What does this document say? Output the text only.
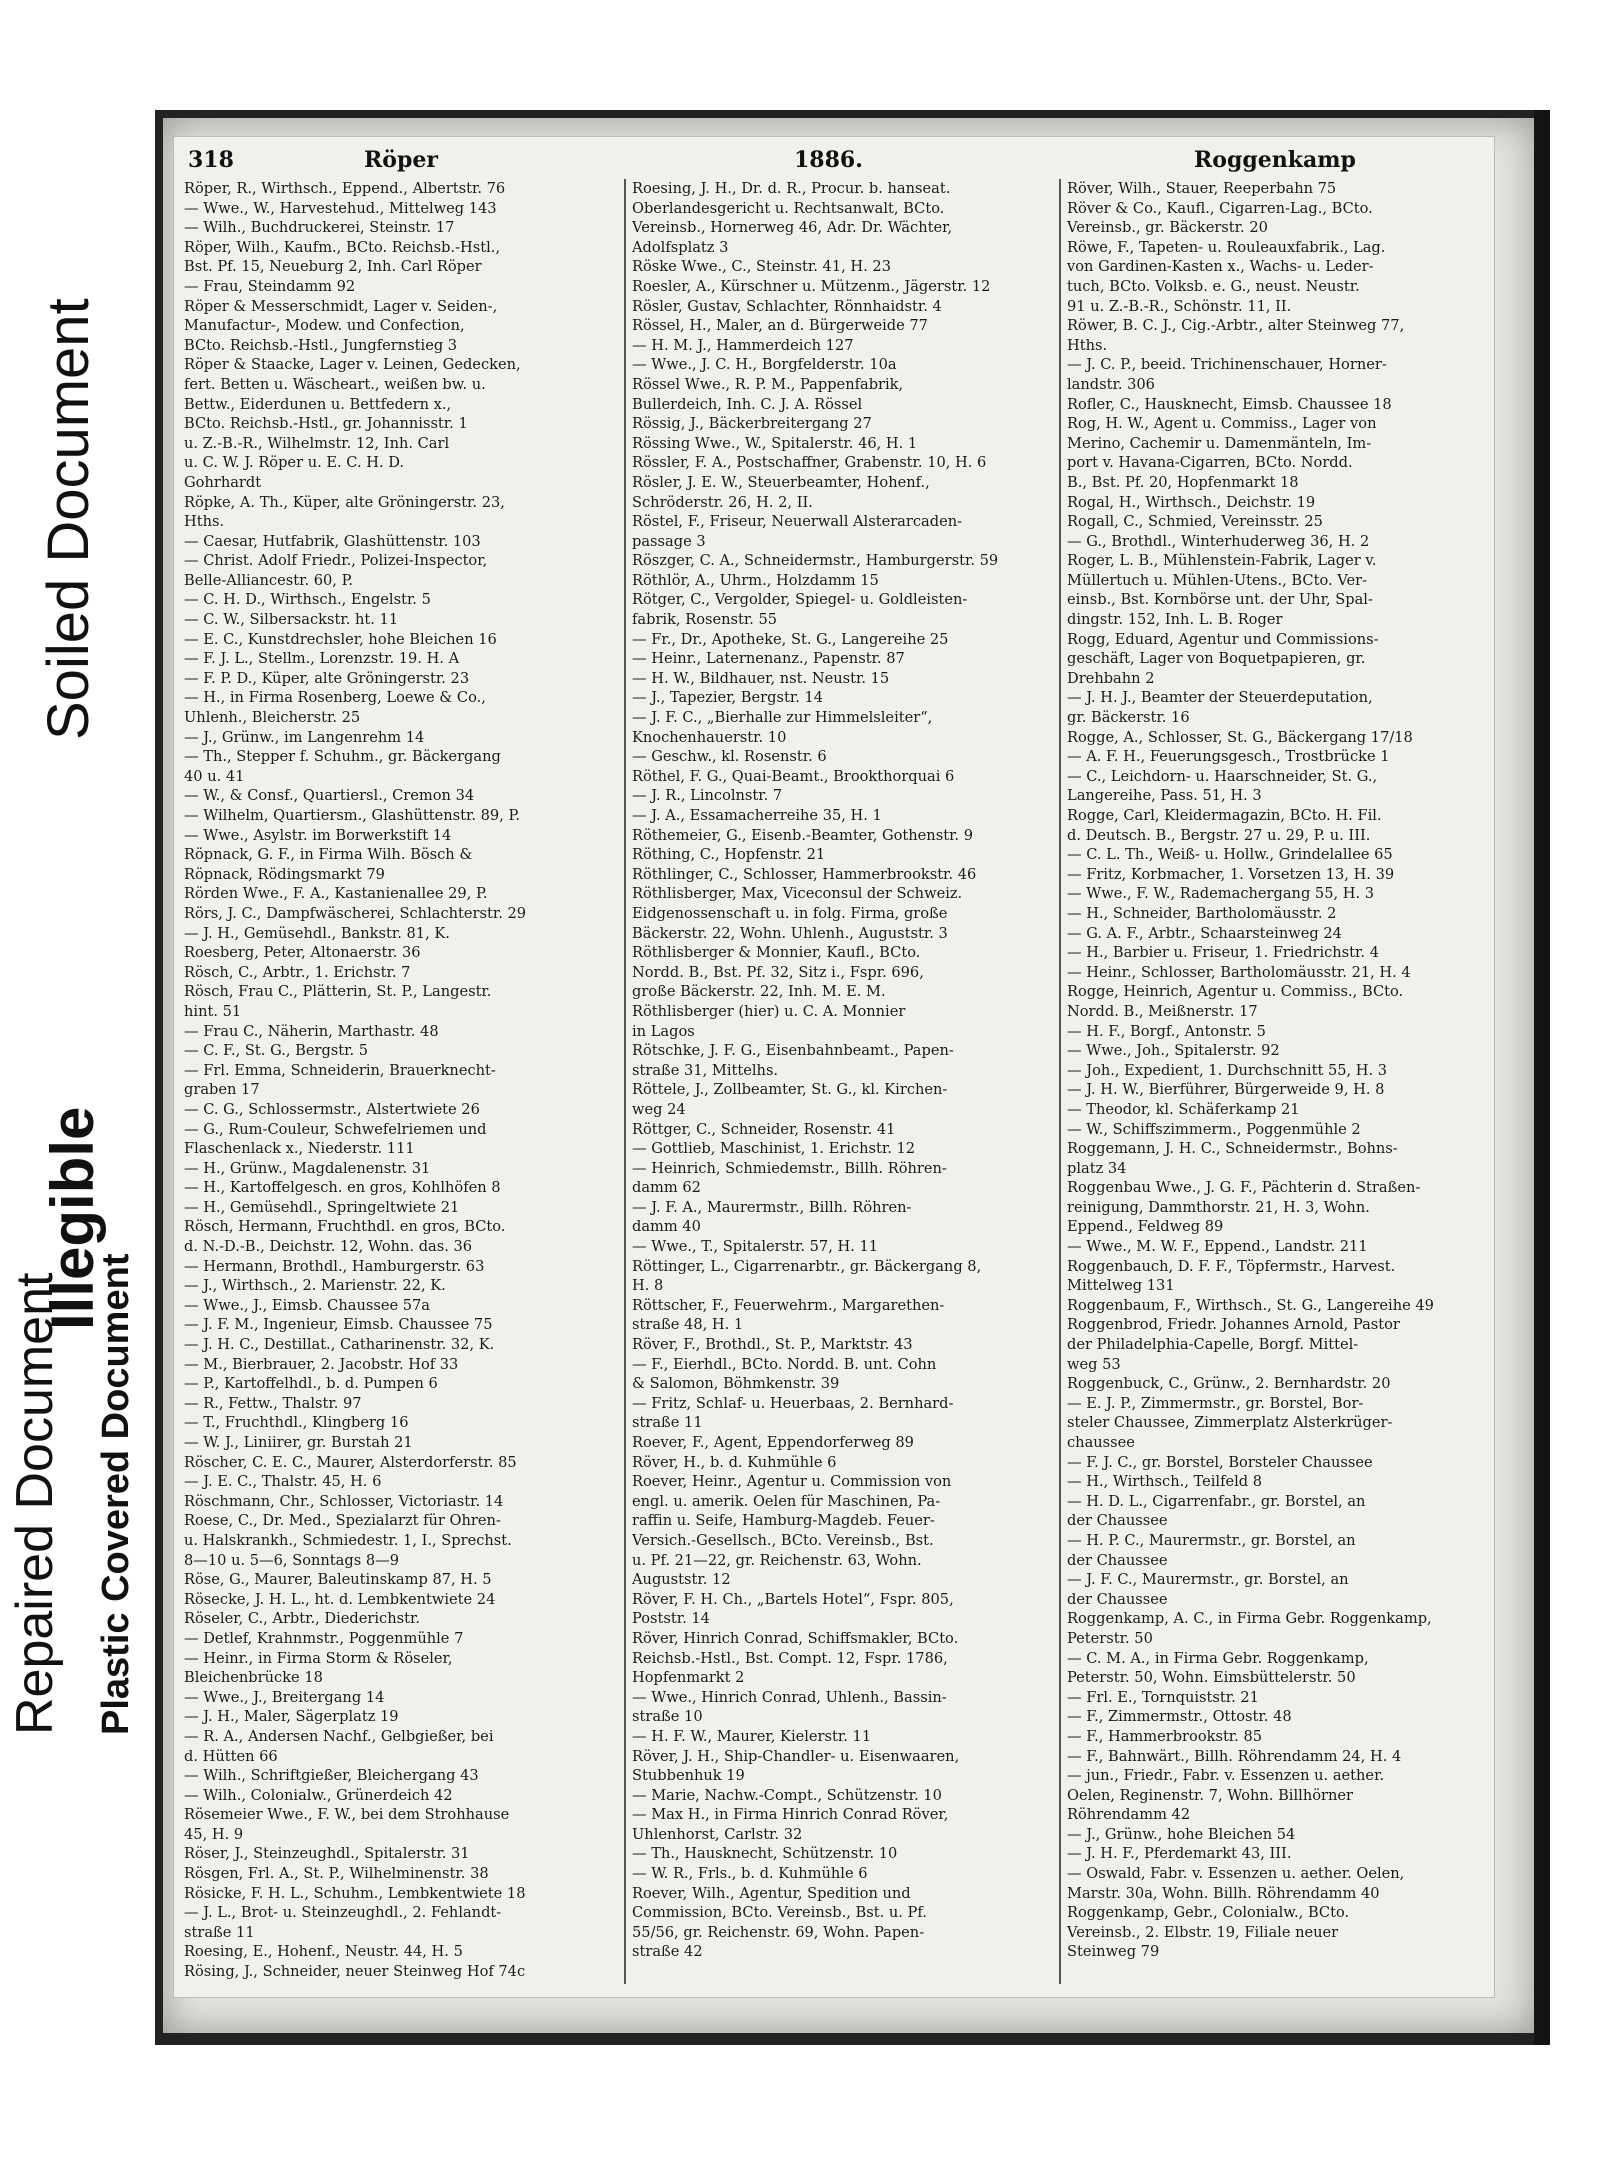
Soiled Document
Illegible
Repaired Document Plastic Covered Document
318	Röper	1886.	Roggenkamp
Röper, R., Wirthsch., Eppend., Albertstr. 76
— Wwe., W., Harvestehud., Mittelweg 143
— Wilh., Buchdruckerei, Steinstr. 17
Röper, Wilh., Kaufm., BCto. Reichsb.-Hstl.,
Bst. Pf. 15, Neueburg 2, Inh. Carl Röper
— Frau, Steindamm 92
Röper & Messerschmidt, Lager v. Seiden-,
Manufactur-, Modew. und Confection,
BCto. Reichsb.-Hstl., Jungfernstieg 3
Röper & Staacke, Lager v. Leinen, Gedecken,
fert. Betten u. Wäscheart., weißen bw. u.
Bettw., Eiderdunen u. Bettfedern x.,
BCto. Reichsb.-Hstl., gr. Johannisstr. 1
u. Z.-B.-R., Wilhelmstr. 12, Inh. Carl
u. C. W. J. Röper u. E. C. H. D.
Gohrhardt
Röpke, A. Th., Küper, alte Gröningerstr. 23,
Hths.
— Caesar, Hutfabrik, Glashüttenstr. 103
— Christ. Adolf Friedr., Polizei-Inspector,
Belle-Alliancestr. 60, P.
— C. H. D., Wirthsch., Engelstr. 5
— C. W., Silbersackstr. ht. 11
— E. C., Kunstdrechsler, hohe Bleichen 16
— F. J. L., Stellm., Lorenzstr. 19. H. A
— F. P. D., Küper, alte Gröningerstr. 23
— H., in Firma Rosenberg, Loewe & Co.,
Uhlenh., Bleicherstr. 25
— J., Grünw., im Langenrehm 14
— Th., Stepper f. Schuhm., gr. Bäckergang
40 u. 41
— W., & Consf., Quartiersl., Cremon 34
— Wilhelm, Quartiersm., Glashüttenstr. 89, P.
— Wwe., Asylstr. im Borwerkstift 14
Röpnack, G. F., in Firma Wilh. Bösch &
Röpnack, Rödingsmarkt 79
Rörden Wwe., F. A., Kastanienallee 29, P.
Rörs, J. C., Dampfwäscherei, Schlachterstr. 29
— J. H., Gemüsehdl., Bankstr. 81, K.
Roesberg, Peter, Altonaerstr. 36
Rösch, C., Arbtr., 1. Erichstr. 7
Rösch, Frau C., Plätterin, St. P., Langestr.
hint. 51
— Frau C., Näherin, Marthastr. 48
— C. F., St. G., Bergstr. 5
— Frl. Emma, Schneiderin, Brauerknecht-
graben 17
— C. G., Schlossermstr., Alstertwiete 26
— G., Rum-Couleur, Schwefelriemen und
Flaschenlack x., Niederstr. 111
— H., Grünw., Magdalenenstr. 31
— H., Kartoffelgesch. en gros, Kohlhöfen 8
— H., Gemüsehdl., Springeltwiete 21
Rösch, Hermann, Fruchthdl. en gros, BCto.
d. N.-D.-B., Deichstr. 12, Wohn. das. 36
— Hermann, Brothdl., Hamburgerstr. 63
— J., Wirthsch., 2. Marienstr. 22, K.
— Wwe., J., Eimsb. Chaussee 57a
— J. F. M., Ingenieur, Eimsb. Chaussee 75
— J. H. C., Destillat., Catharinenstr. 32, K.
— M., Bierbrauer, 2. Jacobstr. Hof 33
— P., Kartoffelhdl., b. d. Pumpen 6
— R., Fettw., Thalstr. 97
— T., Fruchthdl., Klingberg 16
— W. J., Liniirer, gr. Burstah 21
Röscher, C. E. C., Maurer, Alsterdorferstr. 85
— J. E. C., Thalstr. 45, H. 6
Röschmann, Chr., Schlosser, Victoriastr. 14
Roese, C., Dr. Med., Spezialarzt für Ohren-
u. Halskrankh., Schmiedestr. 1, I., Sprechst.
8—10 u. 5—6, Sonntags 8—9
Röse, G., Maurer, Baleutinskamp 87, H. 5
Rösecke, J. H. L., ht. d. Lembkentwiete 24
Röseler, C., Arbtr., Diederichstr.
— Detlef, Krahnmstr., Poggenmühle 7
— Heinr., in Firma Storm & Röseler,
Bleichenbrücke 18
— Wwe., J., Breitergang 14
— J. H., Maler, Sägerplatz 19
— R. A., Andersen Nachf., Gelbgießer, bei
d. Hütten 66
— Wilh., Schriftgießer, Bleichergang 43
— Wilh., Colonialw., Grünerdeich 42
Rösemeier Wwe., F. W., bei dem Strohhause
45, H. 9
Röser, J., Steinzeughdl., Spitalerstr. 31
Rösgen, Frl. A., St. P., Wilhelminenstr. 38
Rösicke, F. H. L., Schuhm., Lembkentwiete 18
— J. L., Brot- u. Steinzeughdl., 2. Fehlandt-
straße 11
Roesing, E., Hohenf., Neustr. 44, H. 5
Rösing, J., Schneider, neuer Steinweg Hof 74c
Roesing, J. H., Dr. d. R., Procur. b. hanseat.
Oberlandesgericht u. Rechtsanwalt, BCto.
Vereinsb., Hornerweg 46, Adr. Dr. Wächter,
Adolfsplatz 3
Röske Wwe., C., Steinstr. 41, H. 23
Roesler, A., Kürschner u. Mützenm., Jägerstr. 12
Rösler, Gustav, Schlachter, Rönnhaidstr. 4
Rössel, H., Maler, an d. Bürgerweide 77
— H. M. J., Hammerdeich 127
— Wwe., J. C. H., Borgfelderstr. 10a
Rössel Wwe., R. P. M., Pappenfabrik,
Bullerdeich, Inh. C. J. A. Rössel
Rössig, J., Bäckerbreitergang 27
Rössing Wwe., W., Spitalerstr. 46, H. 1
Rössler, F. A., Postschaffner, Grabenstr. 10, H. 6
Rösler, J. E. W., Steuerbeamter, Hohenf.,
Schröderstr. 26, H. 2, II.
Röstel, F., Friseur, Neuerwall Alsterarcaden-
passage 3
Röszger, C. A., Schneidermstr., Hamburgerstr. 59
Röthlör, A., Uhrm., Holzdamm 15
Rötger, C., Vergolder, Spiegel- u. Goldleisten-
fabrik, Rosenstr. 55
— Fr., Dr., Apotheke, St. G., Langereihe 25
— Heinr., Laternenanz., Papenstr. 87
— H. W., Bildhauer, nst. Neustr. 15
— J., Tapezier, Bergstr. 14
— J. F. C., „Bierhalle zur Himmelsleiter“,
Knochenhauerstr. 10
— Geschw., kl. Rosenstr. 6
Röthel, F. G., Quai-Beamt., Brookthorquai 6
— J. R., Lincolnstr. 7
— J. A., Essamacherreihe 35, H. 1
Röthemeier, G., Eisenb.-Beamter, Gothenstr. 9
Röthing, C., Hopfenstr. 21
Röthlinger, C., Schlosser, Hammerbrookstr. 46
Röthlisberger, Max, Viceconsul der Schweiz.
Eidgenossenschaft u. in folg. Firma, große
Bäckerstr. 22, Wohn. Uhlenh., Auguststr. 3
Röthlisberger & Monnier, Kaufl., BCto.
Nordd. B., Bst. Pf. 32, Sitz i., Fspr. 696,
große Bäckerstr. 22, Inh. M. E. M.
Röthlisberger (hier) u. C. A. Monnier
in Lagos
Rötschke, J. F. G., Eisenbahnbeamt., Papen-
straße 31, Mittelhs.
Röttele, J., Zollbeamter, St. G., kl. Kirchen-
weg 24
Röttger, C., Schneider, Rosenstr. 41
— Gottlieb, Maschinist, 1. Erichstr. 12
— Heinrich, Schmiedemstr., Billh. Röhren-
damm 62
— J. F. A., Maurermstr., Billh. Röhren-
damm 40
— Wwe., T., Spitalerstr. 57, H. 11
Röttinger, L., Cigarrenarbtr., gr. Bäckergang 8,
H. 8
Röttscher, F., Feuerwehrm., Margarethen-
straße 48, H. 1
Röver, F., Brothdl., St. P., Marktstr. 43
— F., Eierhdl., BCto. Nordd. B. unt. Cohn
& Salomon, Böhmkenstr. 39
— Fritz, Schlaf- u. Heuerbaas, 2. Bernhard-
straße 11
Roever, F., Agent, Eppendorferweg 89
Röver, H., b. d. Kuhmühle 6
Roever, Heinr., Agentur u. Commission von
engl. u. amerik. Oelen für Maschinen, Pa-
raffin u. Seife, Hamburg-Magdeb. Feuer-
Versich.-Gesellsch., BCto. Vereinsb., Bst.
u. Pf. 21—22, gr. Reichenstr. 63, Wohn.
Auguststr. 12
Röver, F. H. Ch., „Bartels Hotel“, Fspr. 805,
Poststr. 14
Röver, Hinrich Conrad, Schiffsmakler, BCto.
Reichsb.-Hstl., Bst. Compt. 12, Fspr. 1786,
Hopfenmarkt 2
— Wwe., Hinrich Conrad, Uhlenh., Bassin-
straße 10
— H. F. W., Maurer, Kielerstr. 11
Röver, J. H., Ship-Chandler- u. Eisenwaaren,
Stubbenhuk 19
— Marie, Nachw.-Compt., Schützenstr. 10
— Max H., in Firma Hinrich Conrad Röver,
Uhlenhorst, Carlstr. 32
— Th., Hausknecht, Schützenstr. 10
— W. R., Frls., b. d. Kuhmühle 6
Roever, Wilh., Agentur, Spedition und
Commission, BCto. Vereinsb., Bst. u. Pf.
55/56, gr. Reichenstr. 69, Wohn. Papen-
straße 42
Röver, Wilh., Stauer, Reeperbahn 75
Röver & Co., Kaufl., Cigarren-Lag., BCto.
Vereinsb., gr. Bäckerstr. 20
Röwe, F., Tapeten- u. Rouleauxfabrik., Lag.
von Gardinen-Kasten x., Wachs- u. Leder-
tuch, BCto. Volksb. e. G., neust. Neustr.
91 u. Z.-B.-R., Schönstr. 11, II.
Röwer, B. C. J., Cig.-Arbtr., alter Steinweg 77,
Hths.
— J. C. P., beeid. Trichinenschauer, Horner-
landstr. 306
Rofler, C., Hausknecht, Eimsb. Chaussee 18
Rog, H. W., Agent u. Commiss., Lager von
Merino, Cachemir u. Damenmänteln, Im-
port v. Havana-Cigarren, BCto. Nordd.
B., Bst. Pf. 20, Hopfenmarkt 18
Rogal, H., Wirthsch., Deichstr. 19
Rogall, C., Schmied, Vereinsstr. 25
— G., Brothdl., Winterhuderweg 36, H. 2
Roger, L. B., Mühlenstein-Fabrik, Lager v.
Müllertuch u. Mühlen-Utens., BCto. Ver-
einsb., Bst. Kornbörse unt. der Uhr, Spal-
dingstr. 152, Inh. L. B. Roger
Rogg, Eduard, Agentur und Commissions-
geschäft, Lager von Boquetpapieren, gr.
Drehbahn 2
— J. H. J., Beamter der Steuerdeputation,
gr. Bäckerstr. 16
Rogge, A., Schlosser, St. G., Bäckergang 17/18
— A. F. H., Feuerungsgesch., Trostbrücke 1
— C., Leichdorn- u. Haarschneider, St. G.,
Langereihe, Pass. 51, H. 3
Rogge, Carl, Kleidermagazin, BCto. H. Fil.
d. Deutsch. B., Bergstr. 27 u. 29, P. u. III.
— C. L. Th., Weiß- u. Hollw., Grindelallee 65
— Fritz, Korbmacher, 1. Vorsetzen 13, H. 39
— Wwe., F. W., Rademachergang 55, H. 3
— H., Schneider, Bartholomäusstr. 2
— G. A. F., Arbtr., Schaarsteinweg 24
— H., Barbier u. Friseur, 1. Friedrichstr. 4
— Heinr., Schlosser, Bartholomäusstr. 21, H. 4
Rogge, Heinrich, Agentur u. Commiss., BCto.
Nordd. B., Meißnerstr. 17
— H. F., Borgf., Antonstr. 5
— Wwe., Joh., Spitalerstr. 92
— Joh., Expedient, 1. Durchschnitt 55, H. 3
— J. H. W., Bierführer, Bürgerweide 9, H. 8
— Theodor, kl. Schäferkamp 21
— W., Schiffszimmerm., Poggenmühle 2
Roggemann, J. H. C., Schneidermstr., Bohns-
platz 34
Roggenbau Wwe., J. G. F., Pächterin d. Straßen-
reinigung, Dammthorstr. 21, H. 3, Wohn.
Eppend., Feldweg 89
— Wwe., M. W. F., Eppend., Landstr. 211
Roggenbauch, D. F. F., Töpfermstr., Harvest.
Mittelweg 131
Roggenbaum, F., Wirthsch., St. G., Langereihe 49
Roggenbrod, Friedr. Johannes Arnold, Pastor
der Philadelphia-Capelle, Borgf. Mittel-
weg 53
Roggenbuck, C., Grünw., 2. Bernhardstr. 20
— E. J. P., Zimmermstr., gr. Borstel, Bor-
steler Chaussee, Zimmerplatz Alsterkrüger-
chaussee
— F. J. C., gr. Borstel, Borsteler Chaussee
— H., Wirthsch., Teilfeld 8
— H. D. L., Cigarrenfabr., gr. Borstel, an
der Chaussee
— H. P. C., Maurermstr., gr. Borstel, an
der Chaussee
— J. F. C., Maurermstr., gr. Borstel, an
der Chaussee
Roggenkamp, A. C., in Firma Gebr. Roggenkamp,
Peterstr. 50
— C. M. A., in Firma Gebr. Roggenkamp,
Peterstr. 50, Wohn. Eimsbüttelerstr. 50
— Frl. E., Tornquiststr. 21
— F., Zimmermstr., Ottostr. 48
— F., Hammerbrookstr. 85
— F., Bahnwärt., Billh. Röhrendamm 24, H. 4
— jun., Friedr., Fabr. v. Essenzen u. aether.
Oelen, Reginenstr. 7, Wohn. Billhörner
Röhrendamm 42
— J., Grünw., hohe Bleichen 54
— J. H. F., Pferdemarkt 43, III.
— Oswald, Fabr. v. Essenzen u. aether. Oelen,
Marstr. 30a, Wohn. Billh. Röhrendamm 40
Roggenkamp, Gebr., Colonialw., BCto.
Vereinsb., 2. Elbstr. 19, Filiale neuer
Steinweg 79
